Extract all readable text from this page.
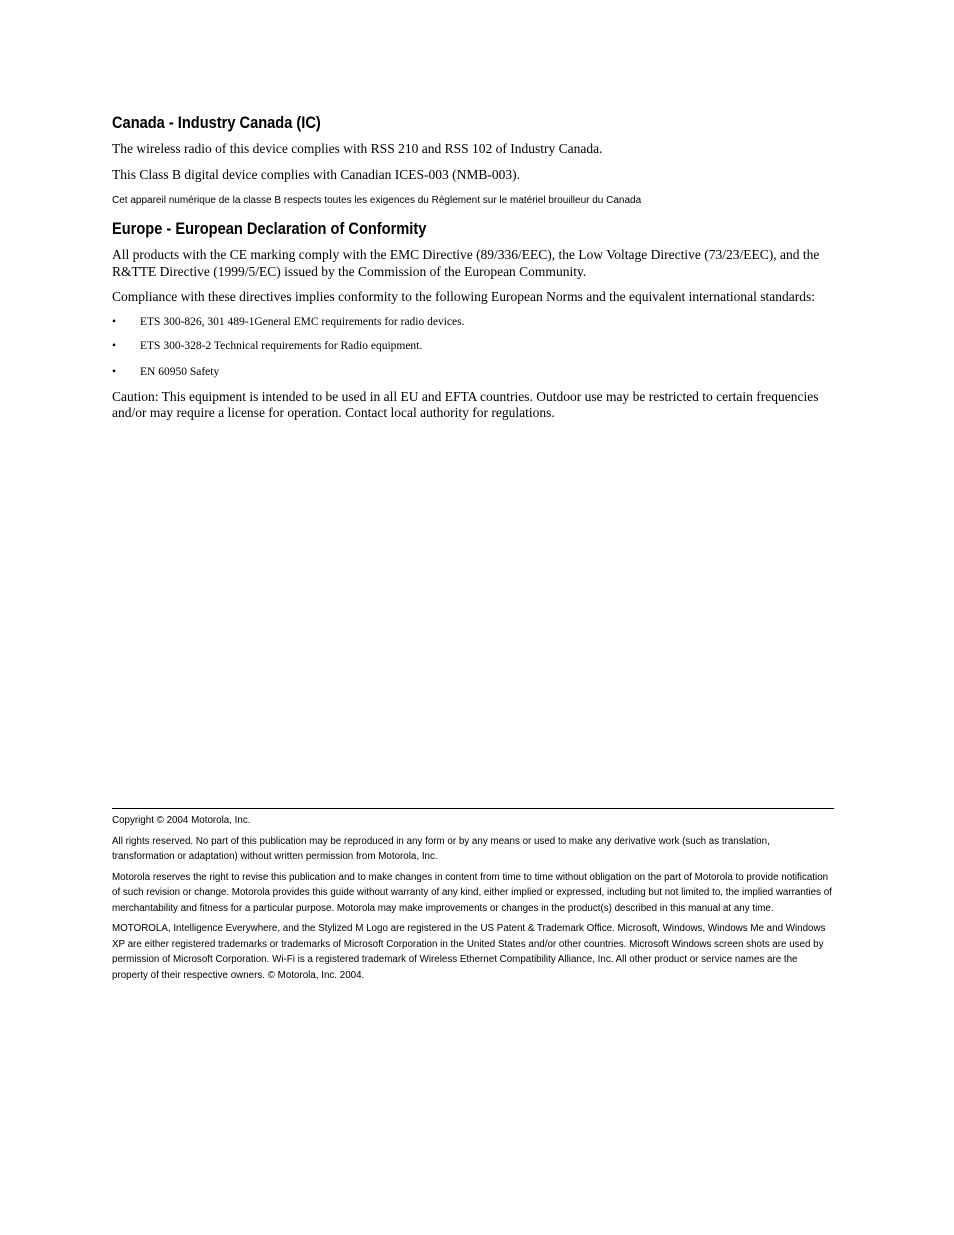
Canada - Industry Canada (IC)

The wireless radio of this device complies with RSS 210 and RSS 102 of Industry Canada.

This Class B digital device complies with Canadian ICES-003 (NMB-003).

Cet appareil numérique de la classe B respects toutes les exigences du Règlement sur le matériel brouilleur du Canada

Europe - European Declaration of Conformity

All products with the CE marking comply with the EMC Directive (89/336/EEC), the Low Voltage Directive (73/23/EEC), and the R&TTE Directive (1999/5/EC) issued by the Commission of the European Community.

Compliance with these directives implies conformity to the following European Norms and the equivalent international standards:

• ETS 300-826, 301 489-1General EMC requirements for radio devices.
• ETS 300-328-2 Technical requirements for Radio equipment.
• EN 60950 Safety

Caution: This equipment is intended to be used in all EU and EFTA countries. Outdoor use may be restricted to certain frequencies and/or may require a license for operation. Contact local authority for regulations.

Copyright © 2004 Motorola, Inc.

All rights reserved. No part of this publication may be reproduced in any form or by any means or used to make any derivative work (such as translation, transformation or adaptation) without written permission from Motorola, Inc.

Motorola reserves the right to revise this publication and to make changes in content from time to time without obligation on the part of Motorola to provide notification of such revision or change. Motorola provides this guide without warranty of any kind, either implied or expressed, including but not limited to, the implied warranties of merchantability and fitness for a particular purpose. Motorola may make improvements or changes in the product(s) described in this manual at any time.

MOTOROLA, Intelligence Everywhere, and the Stylized M Logo are registered in the US Patent & Trademark Office. Microsoft, Windows, Windows Me and Windows XP are either registered trademarks or trademarks of Microsoft Corporation in the United States and/or other countries. Microsoft Windows screen shots are used by permission of Microsoft Corporation. Wi-Fi is a registered trademark of Wireless Ethernet Compatibility Alliance, Inc. All other product or service names are the property of their respective owners. © Motorola, Inc. 2004.
